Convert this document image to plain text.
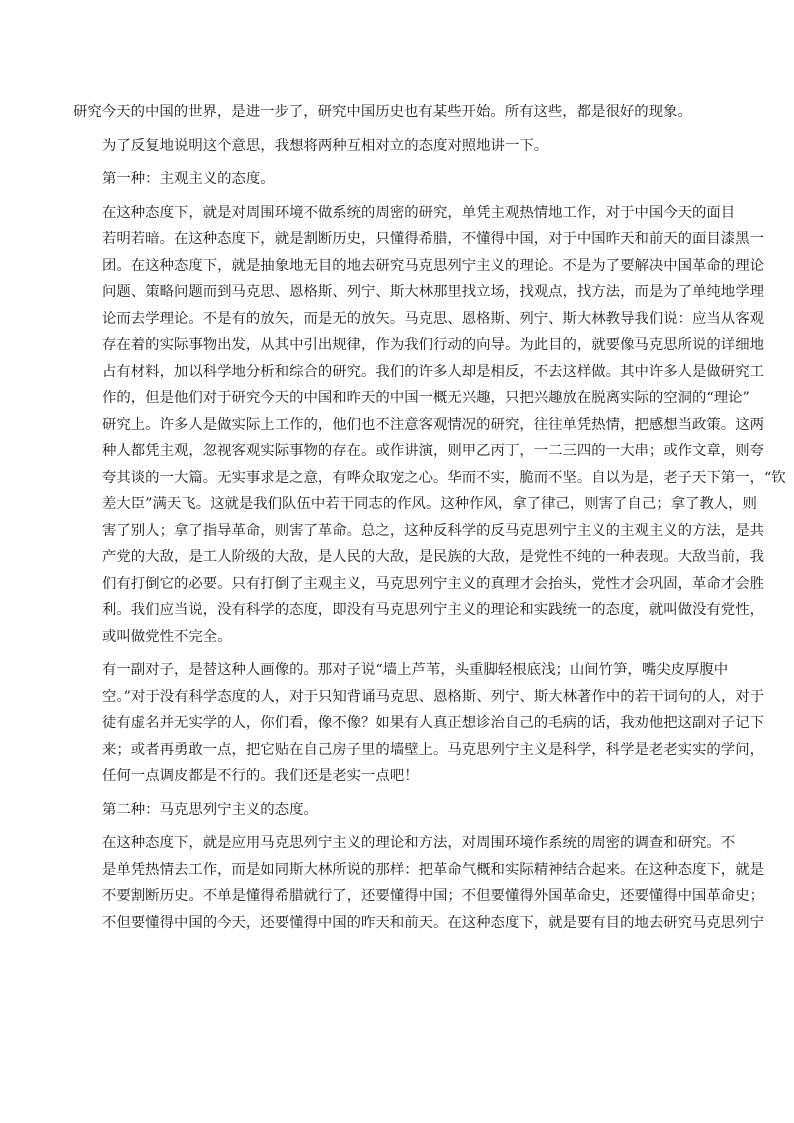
研究今天的中国的世界，是进一步了，研究中国历史也有某些开始。所有这些，都是很好的现象。

为了反复地说明这个意思，我想将两种互相对立的态度对照地讲一下。

第一种：主观主义的态度。

在这种态度下，就是对周围环境不做系统的周密的研究，单凭主观热情地工作，对于中国今天的面目
若明若暗。在这种态度下，就是割断历史，只懂得希腊，不懂得中国，对于中国昨天和前天的面目漆黑一
团。在这种态度下，就是抽象地无目的地去研究马克思列宁主义的理论。不是为了要解决中国革命的理论
问题、策略问题而到马克思、恩格斯、列宁、斯大林那里找立场，找观点，找方法，而是为了单纯地学理
论而去学理论。不是有的放矢，而是无的放矢。马克思、恩格斯、列宁、斯大林教导我们说：应当从客观
存在着的实际事物出发，从其中引出规律，作为我们行动的向导。为此目的，就要像马克思所说的详细地
占有材料，加以科学地分析和综合的研究。我们的许多人却是相反，不去这样做。其中许多人是做研究工
作的，但是他们对于研究今天的中国和昨天的中国一概无兴趣，只把兴趣放在脱离实际的空洞的“理论”
研究上。许多人是做实际上工作的，他们也不注意客观情况的研究，往往单凭热情，把感想当政策。这两
种人都凭主观，忽视客观实际事物的存在。或作讲演，则甲乙丙丁，一二三四的一大串；或作文章，则夸
夸其谈的一大篇。无实事求是之意，有哗众取宠之心。华而不实，脆而不坚。自以为是，老子天下第一，“钦
差大臣”满天飞。这就是我们队伍中若干同志的作风。这种作风，拿了律己，则害了自己；拿了教人，则
害了别人；拿了指导革命，则害了革命。总之，这种反科学的反马克思列宁主义的主观主义的方法，是共
产党的大敌，是工人阶级的大敌，是人民的大敌，是民族的大敌，是党性不纯的一种表现。大敌当前，我
们有打倒它的必要。只有打倒了主观主义，马克思列宁主义的真理才会抬头，党性才会巩固，革命才会胜
利。我们应当说，没有科学的态度，即没有马克思列宁主义的理论和实践统一的态度，就叫做没有党性，
或叫做党性不完全。

有一副对子，是替这种人画像的。那对子说“墙上芦苇，头重脚轻根底浅；山间竹笋，嘴尖皮厚腹中
空。”对于没有科学态度的人，对于只知背诵马克思、恩格斯、列宁、斯大林著作中的若干词句的人，对于
徒有虚名并无实学的人，你们看，像不像？如果有人真正想诊治自己的毛病的话，我劝他把这副对子记下
来；或者再勇敢一点，把它贴在自己房子里的墙壁上。马克思列宁主义是科学，科学是老老实实的学问，
任何一点调皮都是不行的。我们还是老实一点吧！

第二种：马克思列宁主义的态度。

在这种态度下，就是应用马克思列宁主义的理论和方法，对周围环境作系统的周密的调查和研究。不
是单凭热情去工作，而是如同斯大林所说的那样：把革命气概和实际精神结合起来。在这种态度下，就是
不要割断历史。不单是懂得希腊就行了，还要懂得中国；不但要懂得外国革命史，还要懂得中国革命史；
不但要懂得中国的今天，还要懂得中国的昨天和前天。在这种态度下，就是要有目的地去研究马克思列宁
